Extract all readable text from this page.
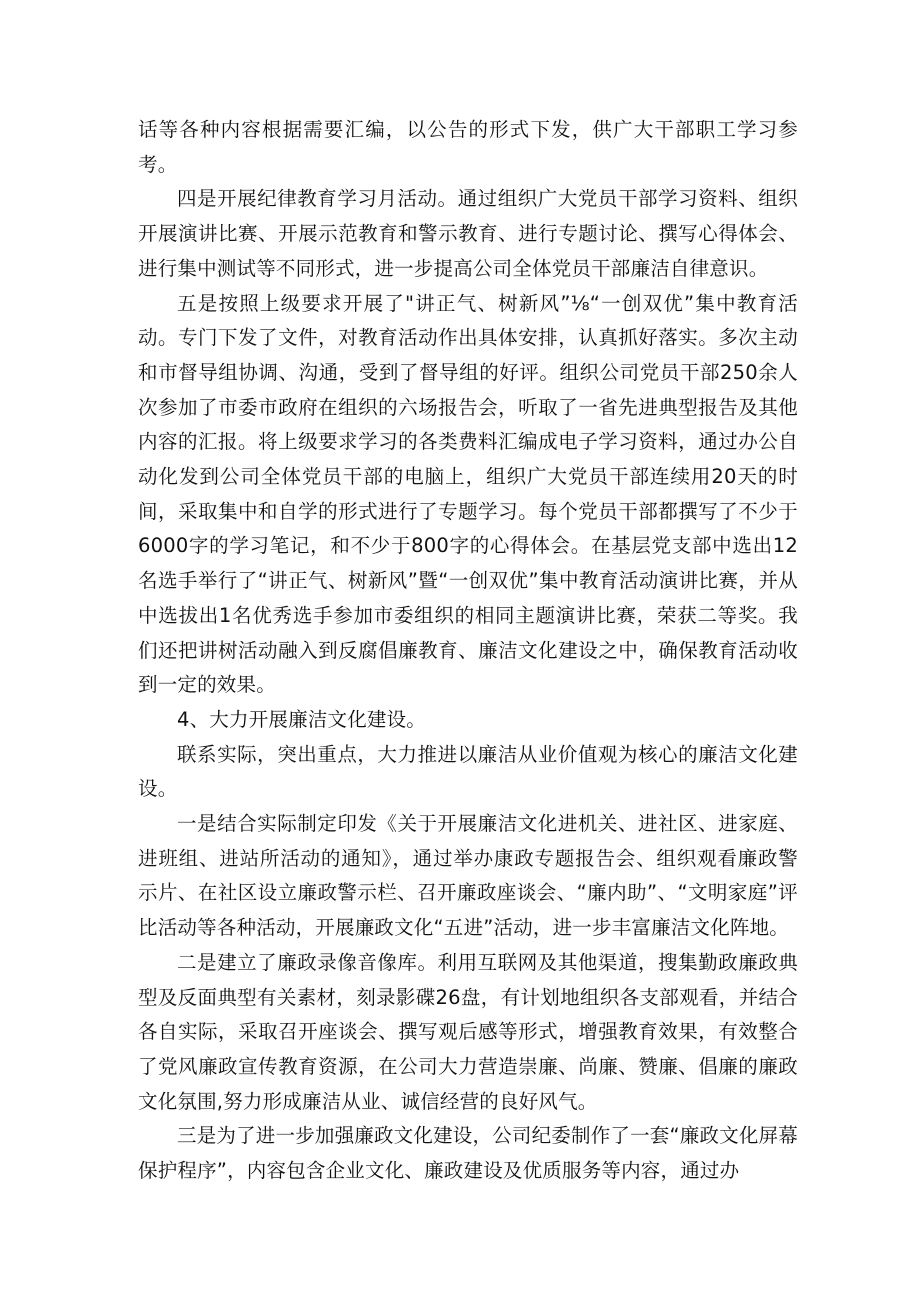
话等各种内容根据需要汇编，以公告的形式下发，供广大干部职工学习参考。

四是开展纪律教育学习月活动。通过组织广大党员干部学习资料、组织开展演讲比赛、开展示范教育和警示教育、进行专题讨论、撰写心得体会、进行集中测试等不同形式，进一步提高公司全体党员干部廉洁自律意识。

五是按照上级要求开展了"讲正气、树新风”⅛“一创双优”集中教育活动。专门下发了文件，对教育活动作出具体安排，认真抓好落实。多次主动和市督导组协调、沟通，受到了督导组的好评。组织公司党员干部250余人次参加了市委市政府在组织的六场报告会，听取了一省先进典型报告及其他内容的汇报。将上级要求学习的各类费料汇编成电子学习资料，通过办公自动化发到公司全体党员干部的电脑上，组织广大党员干部连续用20天的时间，采取集中和自学的形式进行了专题学习。每个党员干部都撰写了不少于6000字的学习笔记，和不少于800字的心得体会。在基层党支部中选出12名选手举行了“讲正气、树新风”暨“一创双优”集中教育活动演讲比赛，并从中选拔出1名优秀选手参加市委组织的相同主题演讲比赛，荣获二等奖。我们还把讲树活动融入到反腐倡廉教育、廉洁文化建设之中，确保教育活动收到一定的效果。

4、大力开展廉洁文化建设。

联系实际，突出重点，大力推进以廉洁从业价值观为核心的廉洁文化建设。

一是结合实际制定印发《关于开展廉洁文化进机关、进社区、进家庭、进班组、进站所活动的通知》，通过举办康政专题报告会、组织观看廉政警示片、在社区设立廉政警示栏、召开廉政座谈会、“廉内助”、“文明家庭”评比活动等各种活动，开展廉政文化“五进”活动，进一步丰富廉洁文化阵地。

二是建立了廉政录像音像库。利用互联网及其他渠道，搜集勤政廉政典型及反面典型有关素材，刻录影碟26盘，有计划地组织各支部观看，并结合各自实际，采取召开座谈会、撰写观后感等形式，增强教育效果，有效整合了党风廉政宣传教育资源，在公司大力营造崇廉、尚廉、赞廉、倡廉的廉政文化氛围,努力形成廉洁从业、诚信经营的良好风气。

三是为了进一步加强廉政文化建设，公司纪委制作了一套“廉政文化屏幕保护程序”，内容包含企业文化、廉政建设及优质服务等内容，通过办
